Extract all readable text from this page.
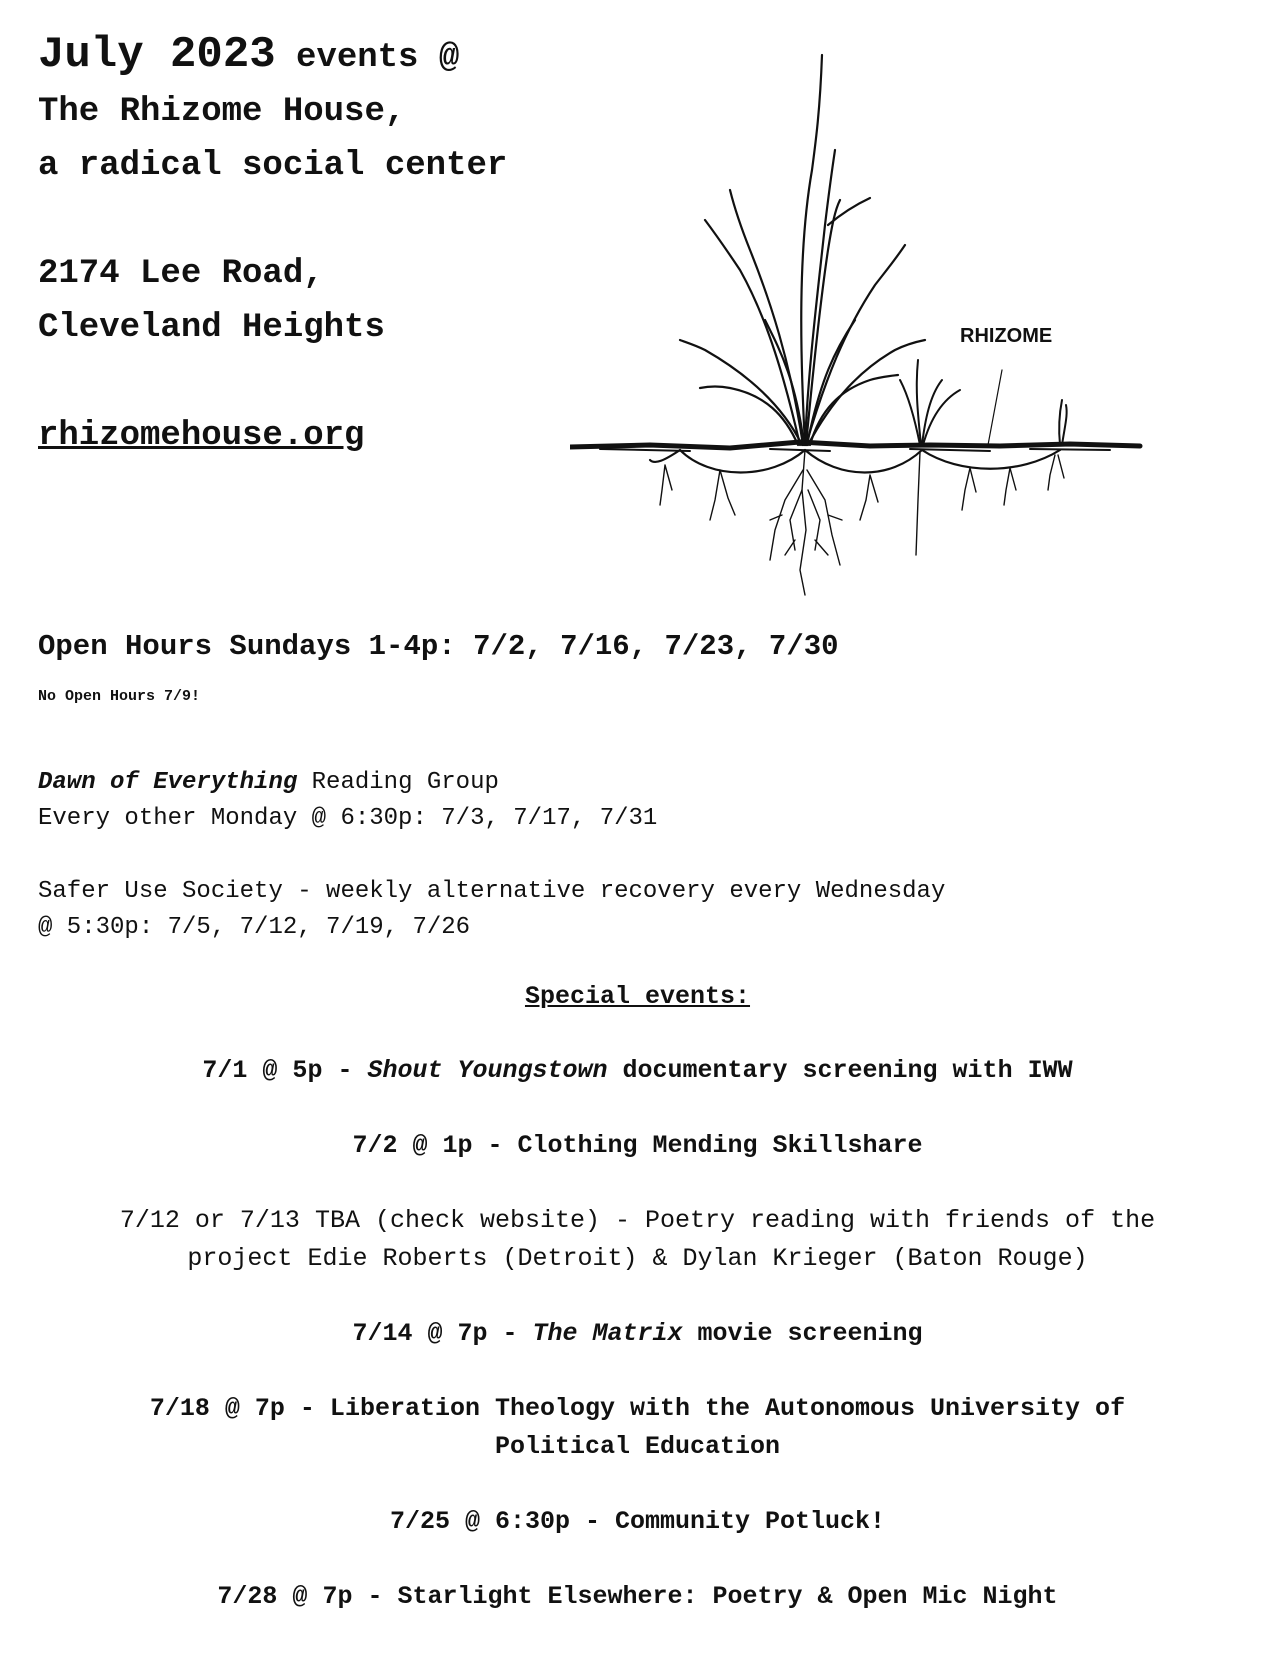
July 2023 events @
The Rhizome House,
a radical social center
2174 Lee Road,
Cleveland Heights
rhizomehouse.org
RHIZOME
Open Hours Sundays 1-4p: 7/2, 7/16, 7/23, 7/30
No Open Hours 7/9!
Dawn of Everything Reading Group
Every other Monday @ 6:30p: 7/3, 7/17, 7/31
Safer Use Society - weekly alternative recovery every Wednesday
@ 5:30p: 7/5, 7/12, 7/19, 7/26
Special events:
7/1 @ 5p - Shout Youngstown documentary screening with IWW
7/2 @ 1p - Clothing Mending Skillshare
7/12 or 7/13 TBA (check website) - Poetry reading with friends of the
project Edie Roberts (Detroit) & Dylan Krieger (Baton Rouge)
7/14 @ 7p - The Matrix movie screening
7/18 @ 7p - Liberation Theology with the Autonomous University of
Political Education
7/25 @ 6:30p - Community Potluck!
7/28 @ 7p - Starlight Elsewhere: Poetry & Open Mic Night
